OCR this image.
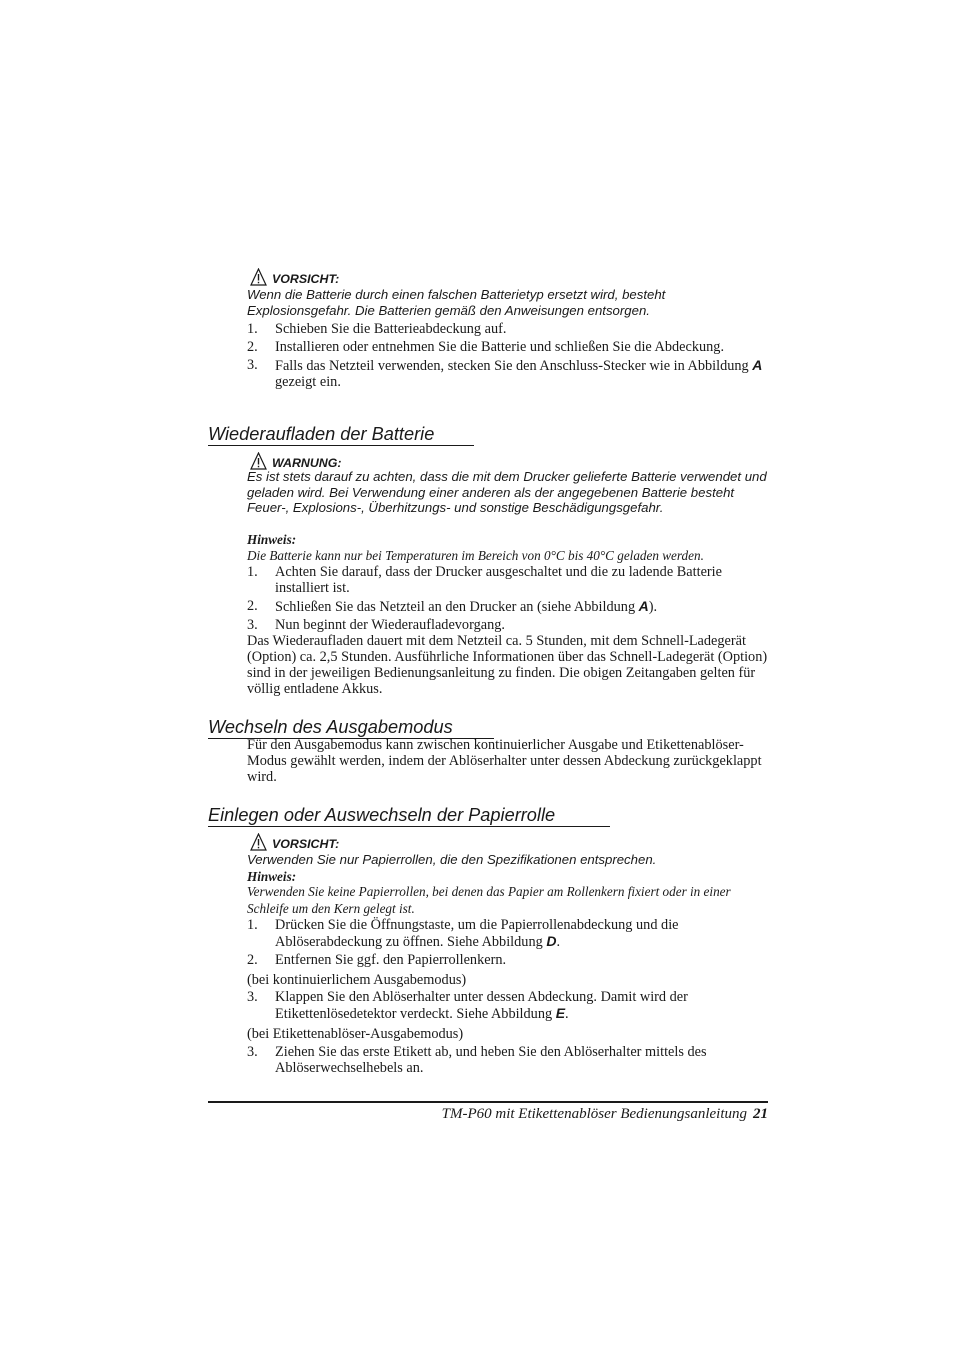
VORSICHT:
Wenn die Batterie durch einen falschen Batterietyp ersetzt wird, besteht Explosionsgefahr. Die Batterien gemäß den Anweisungen entsorgen.
1. Schieben Sie die Batterieabdeckung auf.
2. Installieren oder entnehmen Sie die Batterie und schließen Sie die Abdeckung.
3. Falls das Netzteil verwenden, stecken Sie den Anschluss-Stecker wie in Abbildung A gezeigt ein.
Wiederaufladen der Batterie
WARNUNG:
Es ist stets darauf zu achten, dass die mit dem Drucker gelieferte Batterie verwendet und geladen wird. Bei Verwendung einer anderen als der angegebenen Batterie besteht Feuer-, Explosions-, Überhitzungs- und sonstige Beschädigungsgefahr.
Hinweis:
Die Batterie kann nur bei Temperaturen im Bereich von 0°C bis 40°C geladen werden.
1. Achten Sie darauf, dass der Drucker ausgeschaltet und die zu ladende Batterie installiert ist.
2. Schließen Sie das Netzteil an den Drucker an (siehe Abbildung A).
3. Nun beginnt der Wiederaufladevorgang.
Das Wiederaufladen dauert mit dem Netzteil ca. 5 Stunden, mit dem Schnell-Ladegerät (Option) ca. 2,5 Stunden. Ausführliche Informationen über das Schnell-Ladegerät (Option) sind in der jeweiligen Bedienungsanleitung zu finden. Die obigen Zeitangaben gelten für völlig entladene Akkus.
Wechseln des Ausgabemodus
Für den Ausgabemodus kann zwischen kontinuierlicher Ausgabe und Etikettenablöser-Modus gewählt werden, indem der Ablöserhalter unter dessen Abdeckung zurückgeklappt wird.
Einlegen oder Auswechseln der Papierrolle
VORSICHT:
Verwenden Sie nur Papierrollen, die den Spezifikationen entsprechen.
Hinweis:
Verwenden Sie keine Papierrollen, bei denen das Papier am Rollenkern fixiert oder in einer Schleife um den Kern gelegt ist.
1. Drücken Sie die Öffnungstaste, um die Papierrollenabdeckung und die Ablöserabdeckung zu öffnen. Siehe Abbildung D.
2. Entfernen Sie ggf. den Papierrollenkern.
(bei kontinuierlichem Ausgabemodus)
3. Klappen Sie den Ablöserhalter unter dessen Abdeckung. Damit wird der Etikettenlösedetektor verdeckt. Siehe Abbildung E.
(bei Etikettenablöser-Ausgabemodus)
3. Ziehen Sie das erste Etikett ab, und heben Sie den Ablöserhalter mittels des Ablöserwechselhebels an.
TM-P60 mit Etikettenablöser Bedienungsanleitung 21
